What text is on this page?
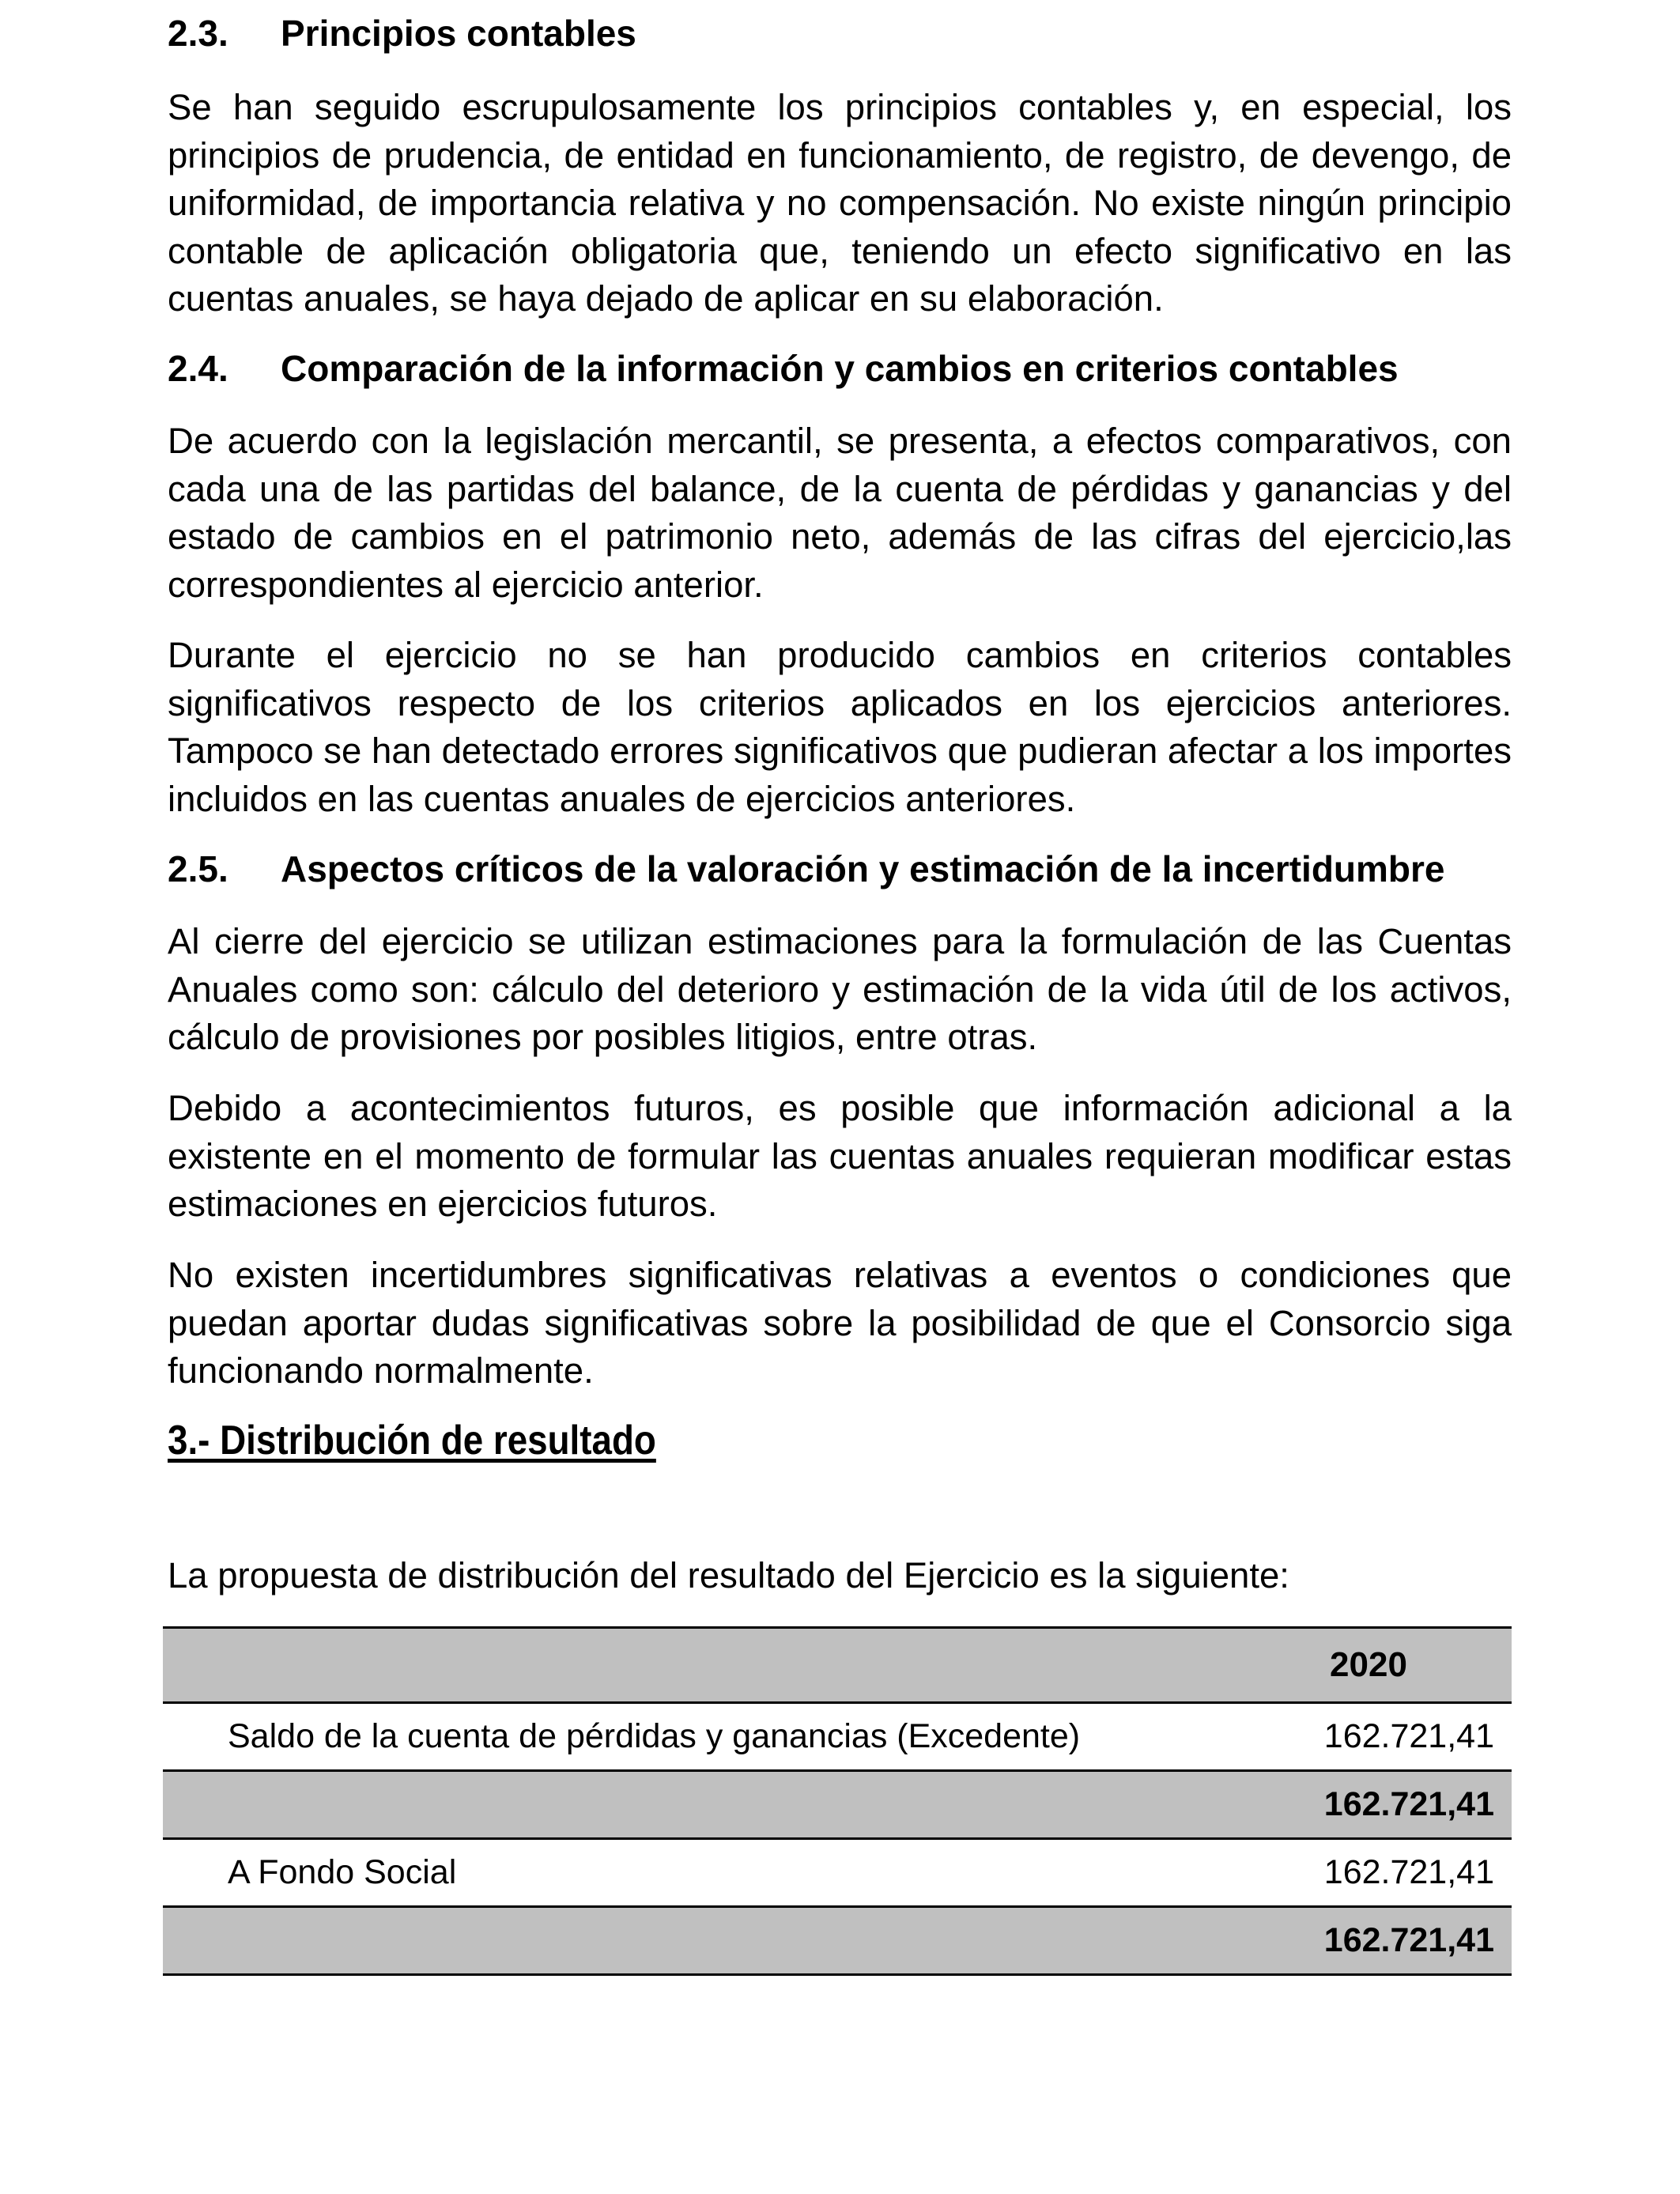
2.3.	Principios contables

Se han seguido escrupulosamente los principios contables y, en especial, los principios de prudencia, de entidad en funcionamiento, de registro, de devengo, de uniformidad, de importancia relativa y no compensación. No existe ningún principio contable de aplicación obligatoria que, teniendo un efecto significativo en las cuentas anuales, se haya dejado de aplicar en su elaboración.

2.4.	Comparación de la información y cambios en criterios contables

De acuerdo con la legislación mercantil, se presenta, a efectos comparativos, con cada una de las partidas del balance, de la cuenta de pérdidas y ganancias y del estado de cambios en el patrimonio neto, además de las cifras del ejercicio,las correspondientes al ejercicio anterior.

Durante el ejercicio no se han producido cambios en criterios contables significativos respecto de los criterios aplicados en los ejercicios anteriores. Tampoco se han detectado errores significativos que pudieran afectar a los importes incluidos en las cuentas anuales de ejercicios anteriores.

2.5.	Aspectos críticos de la valoración y estimación de la incertidumbre

Al cierre del ejercicio se utilizan estimaciones para la formulación de las Cuentas Anuales como son: cálculo del deterioro y estimación de la vida útil de los activos, cálculo de provisiones por posibles litigios, entre otras.

Debido a acontecimientos futuros, es posible que información adicional a la existente en el momento de formular las cuentas anuales requieran modificar estas estimaciones en ejercicios futuros.

No existen incertidumbres significativas relativas a eventos o condiciones que puedan aportar dudas significativas sobre la posibilidad de que el Consorcio siga funcionando normalmente.

3.- Distribución de resultado

La propuesta de distribución del resultado del Ejercicio es la siguiente:

	2020
Saldo de la cuenta de pérdidas y ganancias (Excedente)	162.721,41
	162.721,41
A Fondo Social	162.721,41
	162.721,41
